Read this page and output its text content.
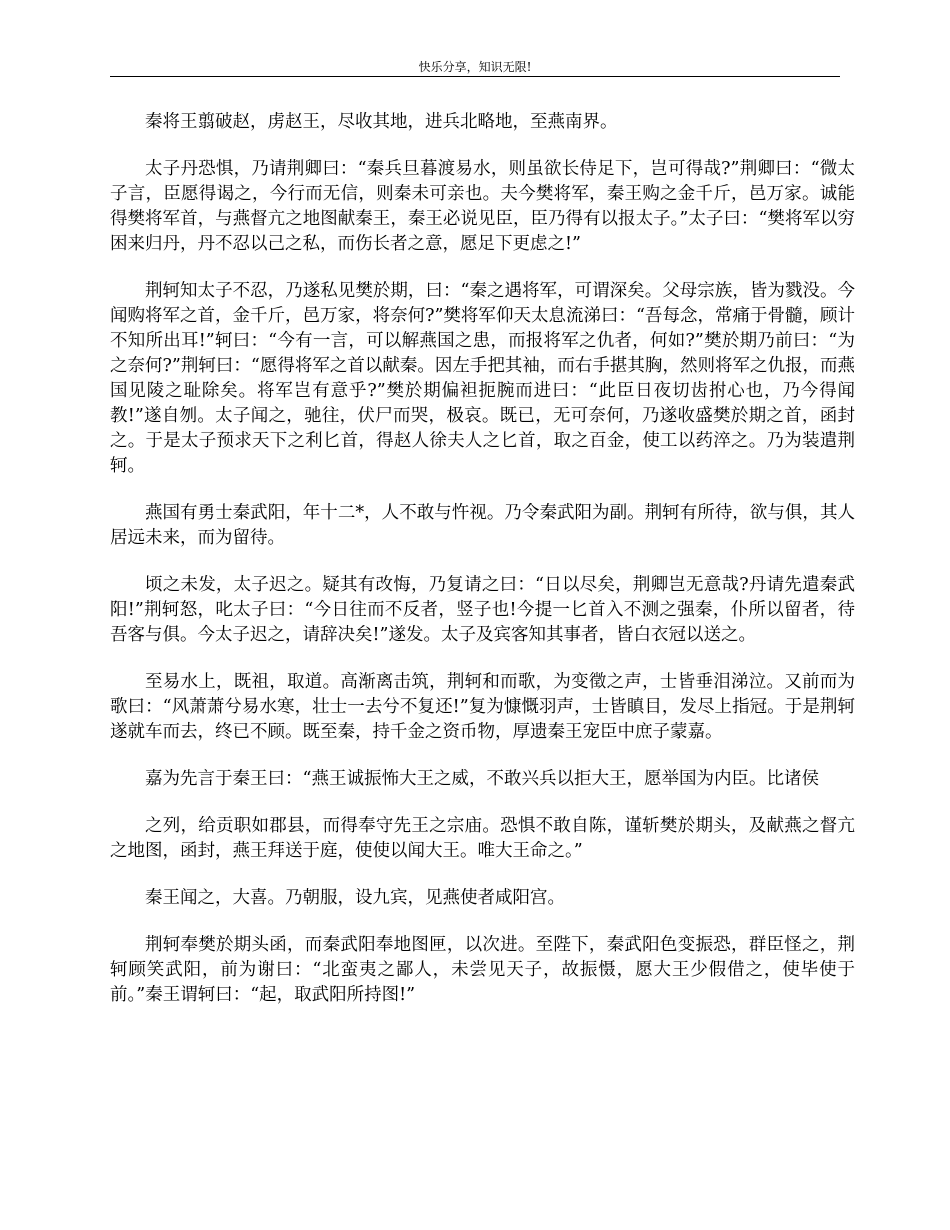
快乐分享，知识无限!

秦将王翦破赵，虏赵王，尽收其地，进兵北略地，至燕南界。

太子丹恐惧，乃请荆卿曰：“秦兵旦暮渡易水，则虽欲长侍足下，岂可得哉?”荆卿曰：“微太子言，臣愿得谒之，今行而无信，则秦未可亲也。夫今樊将军，秦王购之金千斤，邑万家。诚能得樊将军首，与燕督亢之地图献秦王，秦王必说见臣，臣乃得有以报太子。”太子曰：“樊将军以穷困来归丹，丹不忍以己之私，而伤长者之意，愿足下更虑之!”

荆轲知太子不忍，乃遂私见樊於期，曰：“秦之遇将军，可谓深矣。父母宗族，皆为戮没。今闻购将军之首，金千斤，邑万家，将奈何?”樊将军仰天太息流涕曰：“吾每念，常痛于骨髓，顾计不知所出耳!”轲曰：“今有一言，可以解燕国之患，而报将军之仇者，何如?”樊於期乃前曰：“为之奈何?”荆轲曰：“愿得将军之首以献秦。因左手把其袖，而右手揕其胸，然则将军之仇报，而燕国见陵之耻除矣。将军岂有意乎?”樊於期偏袒扼腕而进曰：“此臣日夜切齿拊心也，乃今得闻教!”遂自刎。太子闻之，驰往，伏尸而哭，极哀。既已，无可奈何，乃遂收盛樊於期之首，函封之。于是太子预求天下之利匕首，得赵人徐夫人之匕首，取之百金，使工以药淬之。乃为装遣荆轲。

燕国有勇士秦武阳，年十二*，人不敢与忤视。乃令秦武阳为副。荆轲有所待，欲与俱，其人居远未来，而为留待。

顷之未发，太子迟之。疑其有改悔，乃复请之曰：“日以尽矣，荆卿岂无意哉?丹请先遣秦武阳!”荆轲怒，叱太子曰：“今日往而不反者，竖子也!今提一匕首入不测之强秦，仆所以留者，待吾客与俱。今太子迟之，请辞决矣!”遂发。太子及宾客知其事者，皆白衣冠以送之。

至易水上，既祖，取道。高渐离击筑，荆轲和而歌，为变徵之声，士皆垂泪涕泣。又前而为歌曰：“风萧萧兮易水寒，壮士一去兮不复还!”复为慷慨羽声，士皆瞋目，发尽上指冠。于是荆轲遂就车而去，终已不顾。既至秦，持千金之资币物，厚遗秦王宠臣中庶子蒙嘉。

嘉为先言于秦王曰：“燕王诚振怖大王之威，不敢兴兵以拒大王，愿举国为内臣。比诸侯

之列，给贡职如郡县，而得奉守先王之宗庙。恐惧不敢自陈，谨斩樊於期头，及献燕之督亢之地图，函封，燕王拜送于庭，使使以闻大王。唯大王命之。”

秦王闻之，大喜。乃朝服，设九宾，见燕使者咸阳宫。

荆轲奉樊於期头函，而秦武阳奉地图匣，以次进。至陛下，秦武阳色变振恐，群臣怪之，荆轲顾笑武阳，前为谢曰：“北蛮夷之鄙人，未尝见天子，故振慑，愿大王少假借之，使毕使于前。”秦王谓轲曰：“起，取武阳所持图!”
